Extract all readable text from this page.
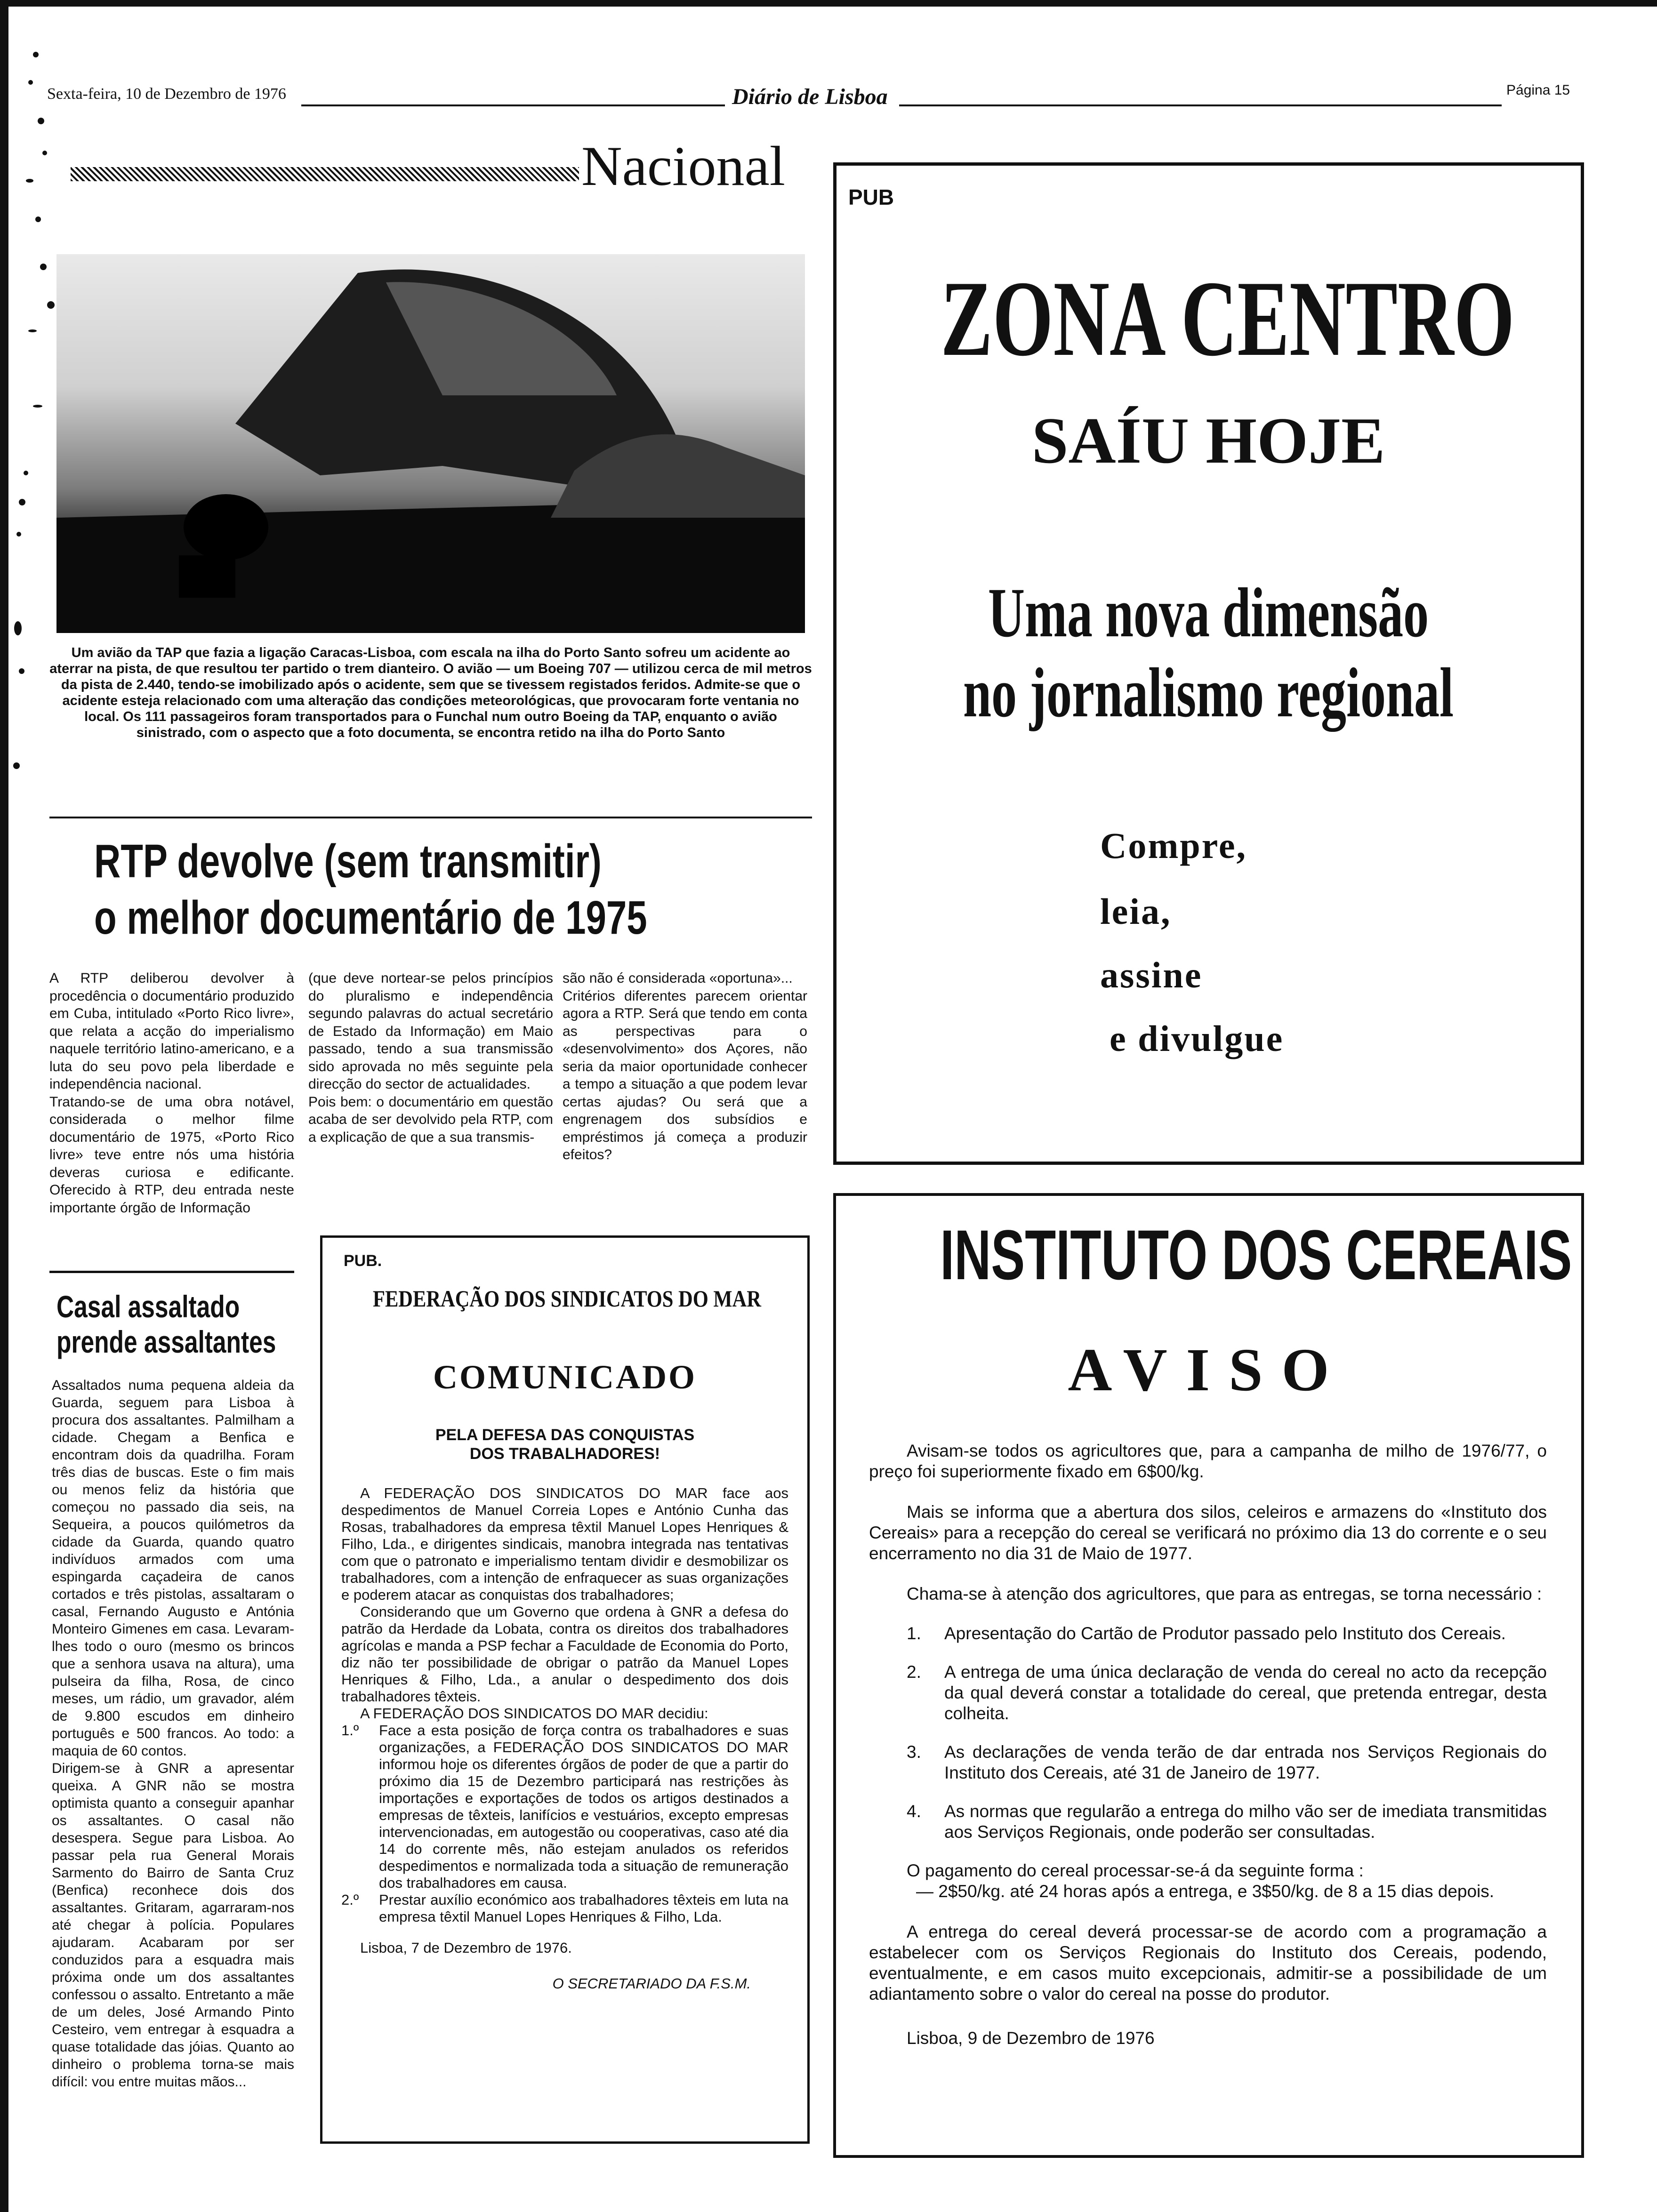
Sexta-feira, 10 de Dezembro de 1976	Diário de Lisboa	Página 15
Nacional
Um avião da TAP que fazia a ligação Caracas-Lisboa, com escala na ilha do Porto Santo sofreu um acidente ao aterrar na pista, de que resultou ter partido o trem dianteiro. O avião — um Boeing 707 — utilizou cerca de mil metros da pista de 2.440, tendo-se imobilizado após o acidente, sem que se tivessem registados feridos. Admite-se que o acidente esteja relacionado com uma alteração das condições meteorológicas, que provocaram forte ventania no local. Os 111 passageiros foram transportados para o Funchal num outro Boeing da TAP, enquanto o avião sinistrado, com o aspecto que a foto documenta, se encontra retido na ilha do Porto Santo
RTP devolve (sem transmitir)
o melhor documentário de 1975
A RTP deliberou devolver à procedência o documentário produzido em Cuba, intitulado «Porto Rico livre», que relata a acção do imperialismo naquele território latino-americano, e a luta do seu povo pela liberdade e independência nacional.
Tratando-se de uma obra notável, considerada o melhor filme documentário de 1975, «Porto Rico livre» teve entre nós uma história deveras curiosa e edificante. Oferecido à RTP, deu entrada neste importante órgão de Informação
(que deve nortear-se pelos princípios do pluralismo e independência segundo palavras do actual secretário de Estado da Informação) em Maio passado, tendo a sua transmissão sido aprovada no mês seguinte pela direcção do sector de actualidades.
Pois bem: o documentário em questão acaba de ser devolvido pela RTP, com a explicação de que a sua transmis-
são não é considerada «oportuna»...
Critérios diferentes parecem orientar agora a RTP. Será que tendo em conta as perspectivas para o «desenvolvimento» dos Açores, não seria da maior oportunidade conhecer a tempo a situação a que podem levar certas ajudas? Ou será que a engrenagem dos subsídios e empréstimos já começa a produzir efeitos?
Casal assaltado
prende assaltantes
Assaltados numa pequena aldeia da Guarda, seguem para Lisboa à procura dos assaltantes. Palmilham a cidade. Chegam a Benfica e encontram dois da quadrilha. Foram três dias de buscas. Este o fim mais ou menos feliz da história que começou no passado dia seis, na Sequeira, a poucos quilómetros da cidade da Guarda, quando quatro indivíduos armados com uma espingarda caçadeira de canos cortados e três pistolas, assaltaram o casal, Fernando Augusto e Antónia Monteiro Gimenes em casa. Levaram-lhes todo o ouro (mesmo os brincos que a senhora usava na altura), uma pulseira da filha, Rosa, de cinco meses, um rádio, um gravador, além de 9.800 escudos em dinheiro português e 500 francos. Ao todo: a maquia de 60 contos.
Dirigem-se à GNR a apresentar queixa. A GNR não se mostra optimista quanto a conseguir apanhar os assaltantes. O casal não desespera. Segue para Lisboa. Ao passar pela rua General Morais Sarmento do Bairro de Santa Cruz (Benfica) reconhece dois dos assaltantes. Gritaram, agarraram-nos até chegar à polícia. Populares ajudaram. Acabaram por ser conduzidos para a esquadra mais próxima onde um dos assaltantes confessou o assalto. Entretanto a mãe de um deles, José Armando Pinto Cesteiro, vem entregar à esquadra a quase totalidade das jóias. Quanto ao dinheiro o problema torna-se mais difícil: vou entre muitas mãos...
PUB.
FEDERAÇÃO DOS SINDICATOS DO MAR
COMUNICADO
PELA DEFESA DAS CONQUISTAS
DOS TRABALHADORES!
A FEDERAÇÃO DOS SINDICATOS DO MAR face aos despedimentos de Manuel Correia Lopes e António Cunha das Rosas, trabalhadores da empresa têxtil Manuel Lopes Henriques & Filho, Lda., e dirigentes sindicais, manobra integrada nas tentativas com que o patronato e imperialismo tentam dividir e desmobilizar os trabalhadores, com a intenção de enfraquecer as suas organizações e poderem atacar as conquistas dos trabalhadores;
Considerando que um Governo que ordena à GNR a defesa do patrão da Herdade da Lobata, contra os direitos dos trabalhadores agrícolas e manda a PSP fechar a Faculdade de Economia do Porto, diz não ter possibilidade de obrigar o patrão da Manuel Lopes Henriques & Filho, Lda., a anular o despedimento dos dois trabalhadores têxteis.
A FEDERAÇÃO DOS SINDICATOS DO MAR decidiu:
1.º	Face a esta posição de força contra os trabalhadores e suas organizações, a FEDERAÇÃO DOS SINDICATOS DO MAR informou hoje os diferentes órgãos de poder de que a partir do próximo dia 15 de Dezembro participará nas restrições às importações e exportações de todos os artigos destinados a empresas de têxteis, lanifícios e vestuários, excepto empresas intervencionadas, em autogestão ou cooperativas, caso até dia 14 do corrente mês, não estejam anulados os referidos despedimentos e normalizada toda a situação de remuneração dos trabalhadores em causa.
2.º	Prestar auxílio económico aos trabalhadores têxteis em luta na empresa têxtil Manuel Lopes Henriques & Filho, Lda.
Lisboa, 7 de Dezembro de 1976.
O SECRETARIADO DA F.S.M.
PUB
ZONA CENTRO
SAÍU HOJE
Uma nova dimensão
no jornalismo regional
Compre,
leia,
assine
e divulgue
INSTITUTO DOS CEREAIS
AVISO
Avisam-se todos os agricultores que, para a campanha de milho de 1976/77, o preço foi superiormente fixado em 6$00/kg.
Mais se informa que a abertura dos silos, celeiros e armazens do «Instituto dos Cereais» para a recepção do cereal se verificará no próximo dia 13 do corrente e o seu encerramento no dia 31 de Maio de 1977.
Chama-se à atenção dos agricultores, que para as entregas, se torna necessário :
1.	Apresentação do Cartão de Produtor passado pelo Instituto dos Cereais.
2.	A entrega de uma única declaração de venda do cereal no acto da recepção da qual deverá constar a totalidade do cereal, que pretenda entregar, desta colheita.
3.	As declarações de venda terão de dar entrada nos Serviços Regionais do Instituto dos Cereais, até 31 de Janeiro de 1977.
4.	As normas que regularão a entrega do milho vão ser de imediata transmitidas aos Serviços Regionais, onde poderão ser consultadas.
O pagamento do cereal processar-se-á da seguinte forma :
— 2$50/kg. até 24 horas após a entrega, e 3$50/kg. de 8 a 15 dias depois.
A entrega do cereal deverá processar-se de acordo com a programação a estabelecer com os Serviços Regionais do Instituto dos Cereais, podendo, eventualmente, e em casos muito excepcionais, admitir-se a possibilidade de um adiantamento sobre o valor do cereal na posse do produtor.
Lisboa, 9 de Dezembro de 1976
